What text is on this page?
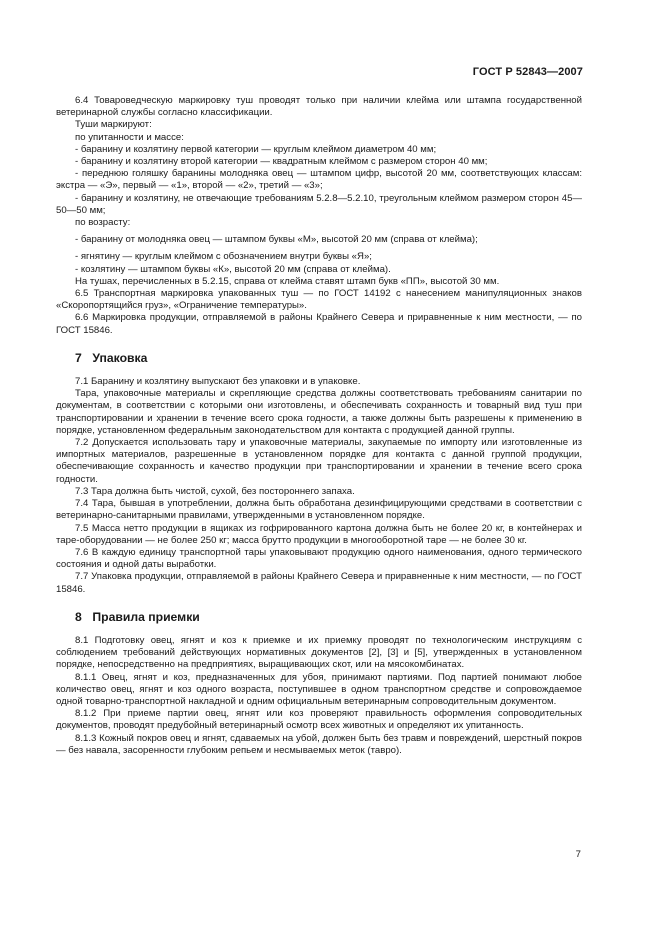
ГОСТ Р 52843—2007

6.4 Товароведческую маркировку туш проводят только при наличии клейма или штампа государственной ветеринарной службы согласно классификации.

Туши маркируют:

по упитанности и массе:

- баранину и козлятину первой категории — круглым клеймом диаметром 40 мм;

- баранину и козлятину второй категории — квадратным клеймом с размером сторон 40 мм;

- переднюю голяшку баранины молодняка овец — штампом цифр, высотой 20 мм, соответствующих классам: экстра — «Э», первый — «1», второй — «2», третий — «3»;

- баранину и козлятину, не отвечающие требованиям 5.2.8—5.2.10, треугольным клеймом размером сторон 45—50—50 мм;

по возрасту:

- баранину от молодняка овец — штампом буквы «М», высотой 20 мм (справа от клейма);

- ягнятину — круглым клеймом с обозначением внутри буквы «Я»;

- козлятину — штампом буквы «К», высотой 20 мм (справа от клейма).

На тушах, перечисленных в 5.2.15, справа от клейма ставят штамп букв «ПП», высотой 30 мм.

6.5 Транспортная маркировка упакованных туш — по ГОСТ 14192 с нанесением манипуляционных знаков «Скоропортящийся груз», «Ограничение температуры».

6.6 Маркировка продукции, отправляемой в районы Крайнего Севера и приравненные к ним местности, — по ГОСТ 15846.

7 Упаковка

7.1 Баранину и козлятину выпускают без упаковки и в упаковке.

Тара, упаковочные материалы и скрепляющие средства должны соответствовать требованиям санитарии по документам, в соответствии с которыми они изготовлены, и обеспечивать сохранность и товарный вид туш при транспортировании и хранении в течение всего срока годности, а также должны быть разрешены к применению в порядке, установленном федеральным законодательством для контакта с продукцией данной группы.

7.2 Допускается использовать тару и упаковочные материалы, закупаемые по импорту или изготовленные из импортных материалов, разрешенные в установленном порядке для контакта с данной группой продукции, обеспечивающие сохранность и качество продукции при транспортировании и хранении в течение всего срока годности.

7.3 Тара должна быть чистой, сухой, без постороннего запаха.

7.4 Тара, бывшая в употреблении, должна быть обработана дезинфицирующими средствами в соответствии с ветеринарно-санитарными правилами, утвержденными в установленном порядке.

7.5 Масса нетто продукции в ящиках из гофрированного картона должна быть не более 20 кг, в контейнерах и таре-оборудовании — не более 250 кг; масса брутто продукции в многооборотной таре — не более 30 кг.

7.6 В каждую единицу транспортной тары упаковывают продукцию одного наименования, одного термического состояния и одной даты выработки.

7.7 Упаковка продукции, отправляемой в районы Крайнего Севера и приравненные к ним местности, — по ГОСТ 15846.

8 Правила приемки

8.1 Подготовку овец, ягнят и коз к приемке и их приемку проводят по технологическим инструкциям с соблюдением требований действующих нормативных документов [2], [3] и [5], утвержденных в установленном порядке, непосредственно на предприятиях, выращивающих скот, или на мясокомбинатах.

8.1.1 Овец, ягнят и коз, предназначенных для убоя, принимают партиями. Под партией понимают любое количество овец, ягнят и коз одного возраста, поступившее в одном транспортном средстве и сопровождаемое одной товарно-транспортной накладной и одним официальным ветеринарным сопроводительным документом.

8.1.2 При приеме партии овец, ягнят или коз проверяют правильность оформления сопроводительных документов, проводят предубойный ветеринарный осмотр всех животных и определяют их упитанность.

8.1.3 Кожный покров овец и ягнят, сдаваемых на убой, должен быть без травм и повреждений, шерстный покров — без навала, засоренности глубоким репьем и несмываемых меток (тавро).

7
